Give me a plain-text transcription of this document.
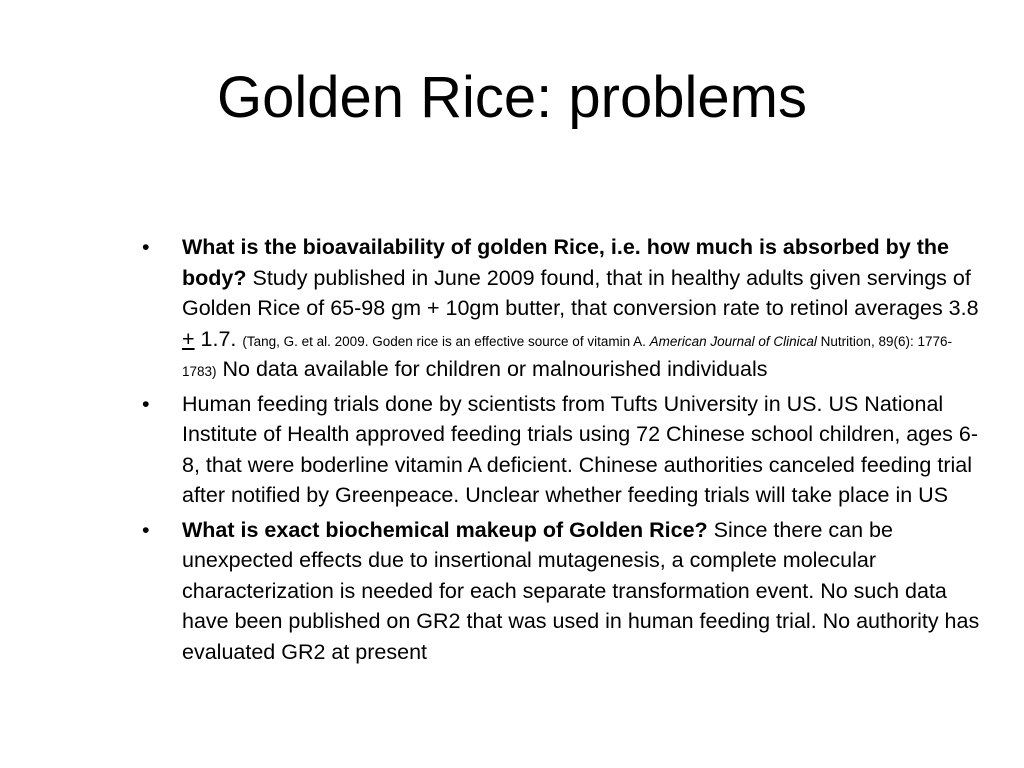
Golden Rice: problems
• What is the bioavailability of golden Rice, i.e. how much is absorbed by the body? Study published in June 2009 found, that in healthy adults given servings of Golden Rice of 65-98 gm + 10gm butter, that conversion rate to retinol averages 3.8 + 1.7. (Tang, G. et al. 2009. Goden rice is an effective source of vitamin A. American Journal of Clinical Nutrition, 89(6): 1776-1783) No data available for children or malnourished individuals
• Human feeding trials done by scientists from Tufts University in US. US National Institute of Health approved feeding trials using 72 Chinese school children, ages 6-8, that were boderline vitamin A deficient. Chinese authorities canceled feeding trial after notified by Greenpeace. Unclear whether feeding trials will take place in US
• What is exact biochemical makeup of Golden Rice? Since there can be unexpected effects due to insertional mutagenesis, a complete molecular characterization is needed for each separate transformation event. No such data have been published on GR2 that was used in human feeding trial. No authority has evaluated GR2 at present
